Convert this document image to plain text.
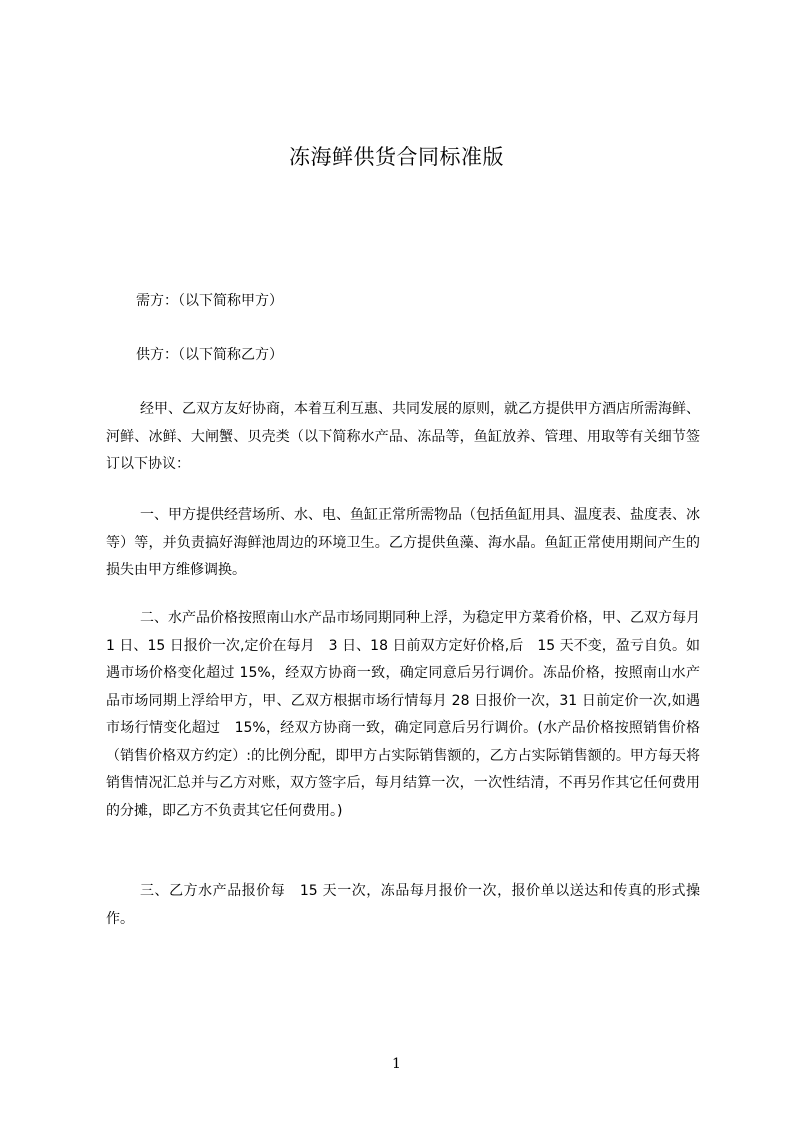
冻海鲜供货合同标准版
需方：（以下简称甲方）
供方：（以下简称乙方）

经甲、乙双方友好协商，本着互利互惠、共同发展的原则，就乙方提供甲方酒店所需海鲜、河鲜、冰鲜、大闸蟹、贝壳类（以下简称水产品、冻品等，鱼缸放养、管理、用取等有关细节签订以下协议：

一、甲方提供经营场所、水、电、鱼缸正常所需物品（包括鱼缸用具、温度表、盐度表、冰等）等，并负责搞好海鲜池周边的环境卫生。乙方提供鱼藻、海水晶。鱼缸正常使用期间产生的损失由甲方维修调换。

二、水产品价格按照南山水产品市场同期同种上浮，为稳定甲方菜肴价格，甲、乙双方每月 1 日、15 日报价一次,定价在每月　3 日、18 日前双方定好价格,后　15 天不变，盈亏自负。如遇市场价格变化超过 15%，经双方协商一致，确定同意后另行调价。冻品价格，按照南山水产品市场同期上浮给甲方，甲、乙双方根据市场行情每月 28 日报价一次，31 日前定价一次,如遇市场行情变化超过　15%，经双方协商一致，确定同意后另行调价。(水产品价格按照销售价格（销售价格双方约定）:的比例分配，即甲方占实际销售额的，乙方占实际销售额的。甲方每天将销售情况汇总并与乙方对账，双方签字后，每月结算一次，一次性结清，不再另作其它任何费用的分摊，即乙方不负责其它任何费用。)

三、乙方水产品报价每　15 天一次，冻品每月报价一次，报价单以送达和传真的形式操作。

1
